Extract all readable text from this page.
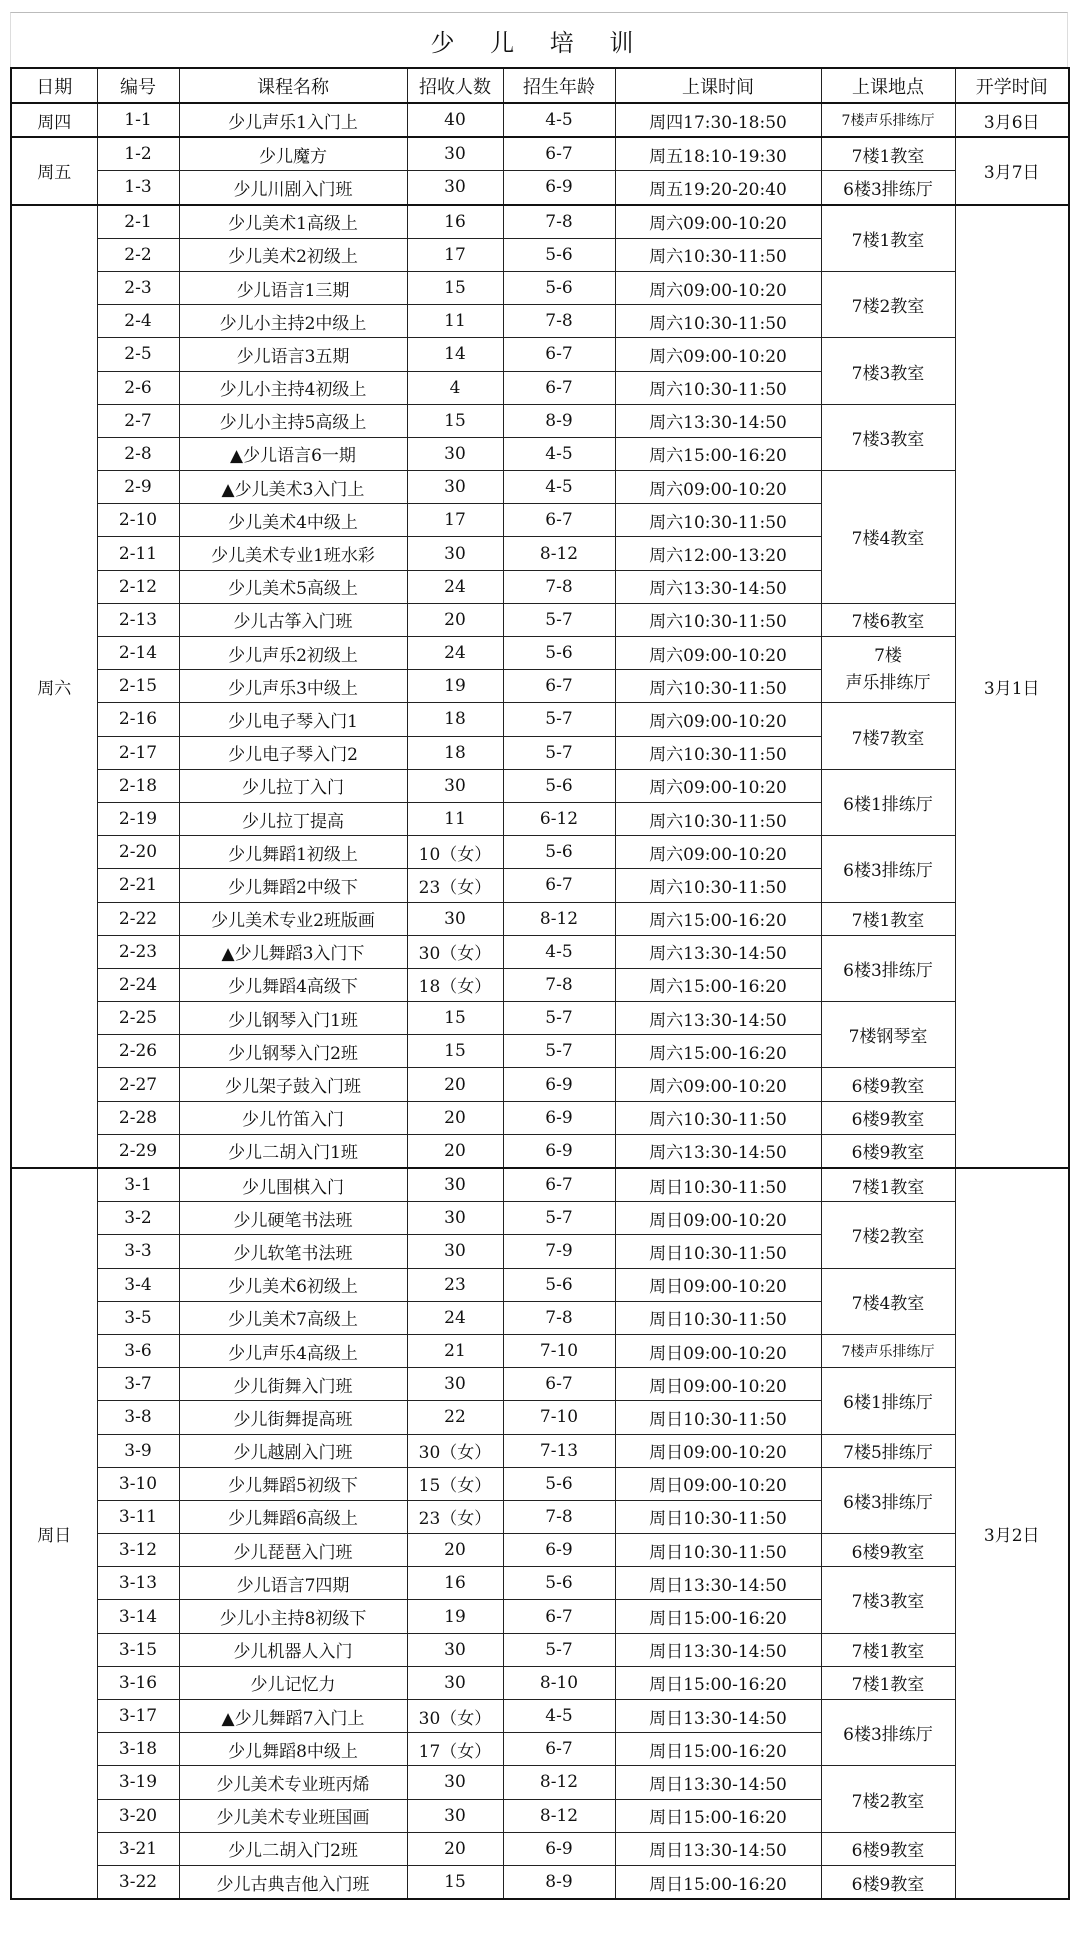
少 儿 培 训
日期	编号	课程名称	招收人数	招生年龄	上课时间	上课地点	开学时间
周四	1-1	少儿声乐1入门上	40	4-5	周四17:30-18:50	7楼声乐排练厅	3月6日
周五	1-2	少儿魔方	30	6-7	周五18:10-19:30	7楼1教室	3月7日
	1-3	少儿川剧入门班	30	6-9	周五19:20-20:40	6楼3排练厅	
周六	2-1	少儿美术1高级上	16	7-8	周六09:00-10:20	7楼1教室	3月1日
	2-2	少儿美术2初级上	17	5-6	周六10:30-11:50		
	2-3	少儿语言1三期	15	5-6	周六09:00-10:20	7楼2教室	
	2-4	少儿小主持2中级上	11	7-8	周六10:30-11:50		
	2-5	少儿语言3五期	14	6-7	周六09:00-10:20	7楼3教室	
	2-6	少儿小主持4初级上	4	6-7	周六10:30-11:50		
	2-7	少儿小主持5高级上	15	8-9	周六13:30-14:50	7楼3教室	
	2-8	▲少儿语言6一期	30	4-5	周六15:00-16:20		
	2-9	▲少儿美术3入门上	30	4-5	周六09:00-10:20	7楼4教室	
	2-10	少儿美术4中级上	17	6-7	周六10:30-11:50		
	2-11	少儿美术专业1班水彩	30	8-12	周六12:00-13:20		
	2-12	少儿美术5高级上	24	7-8	周六13:30-14:50		
	2-13	少儿古筝入门班	20	5-7	周六10:30-11:50	7楼6教室	
	2-14	少儿声乐2初级上	24	5-6	周六09:00-10:20	7楼
声乐排练厅	
	2-15	少儿声乐3中级上	19	6-7	周六10:30-11:50		
	2-16	少儿电子琴入门1	18	5-7	周六09:00-10:20	7楼7教室	
	2-17	少儿电子琴入门2	18	5-7	周六10:30-11:50		
	2-18	少儿拉丁入门	30	5-6	周六09:00-10:20	6楼1排练厅	
	2-19	少儿拉丁提高	11	6-12	周六10:30-11:50		
	2-20	少儿舞蹈1初级上	10（女）	5-6	周六09:00-10:20	6楼3排练厅	
	2-21	少儿舞蹈2中级下	23（女）	6-7	周六10:30-11:50		
	2-22	少儿美术专业2班版画	30	8-12	周六15:00-16:20	7楼1教室	
	2-23	▲少儿舞蹈3入门下	30（女）	4-5	周六13:30-14:50	6楼3排练厅	
	2-24	少儿舞蹈4高级下	18（女）	7-8	周六15:00-16:20		
	2-25	少儿钢琴入门1班	15	5-7	周六13:30-14:50	7楼钢琴室	
	2-26	少儿钢琴入门2班	15	5-7	周六15:00-16:20		
	2-27	少儿架子鼓入门班	20	6-9	周六09:00-10:20	6楼9教室	
	2-28	少儿竹笛入门	20	6-9	周六10:30-11:50	6楼9教室	
	2-29	少儿二胡入门1班	20	6-9	周六13:30-14:50	6楼9教室	
周日	3-1	少儿围棋入门	30	6-7	周日10:30-11:50	7楼1教室	3月2日
	3-2	少儿硬笔书法班	30	5-7	周日09:00-10:20	7楼2教室	
	3-3	少儿软笔书法班	30	7-9	周日10:30-11:50		
	3-4	少儿美术6初级上	23	5-6	周日09:00-10:20	7楼4教室	
	3-5	少儿美术7高级上	24	7-8	周日10:30-11:50		
	3-6	少儿声乐4高级上	21	7-10	周日09:00-10:20	7楼声乐排练厅	
	3-7	少儿街舞入门班	30	6-7	周日09:00-10:20	6楼1排练厅	
	3-8	少儿街舞提高班	22	7-10	周日10:30-11:50		
	3-9	少儿越剧入门班	30（女）	7-13	周日09:00-10:20	7楼5排练厅	
	3-10	少儿舞蹈5初级下	15（女）	5-6	周日09:00-10:20	6楼3排练厅	
	3-11	少儿舞蹈6高级上	23（女）	7-8	周日10:30-11:50		
	3-12	少儿琵琶入门班	20	6-9	周日10:30-11:50	6楼9教室	
	3-13	少儿语言7四期	16	5-6	周日13:30-14:50	7楼3教室	
	3-14	少儿小主持8初级下	19	6-7	周日15:00-16:20		
	3-15	少儿机器人入门	30	5-7	周日13:30-14:50	7楼1教室	
	3-16	少儿记忆力	30	8-10	周日15:00-16:20	7楼1教室	
	3-17	▲少儿舞蹈7入门上	30（女）	4-5	周日13:30-14:50	6楼3排练厅	
	3-18	少儿舞蹈8中级上	17（女）	6-7	周日15:00-16:20		
	3-19	少儿美术专业班丙烯	30	8-12	周日13:30-14:50	7楼2教室	
	3-20	少儿美术专业班国画	30	8-12	周日15:00-16:20		
	3-21	少儿二胡入门2班	20	6-9	周日13:30-14:50	6楼9教室	
	3-22	少儿古典吉他入门班	15	8-9	周日15:00-16:20	6楼9教室	
